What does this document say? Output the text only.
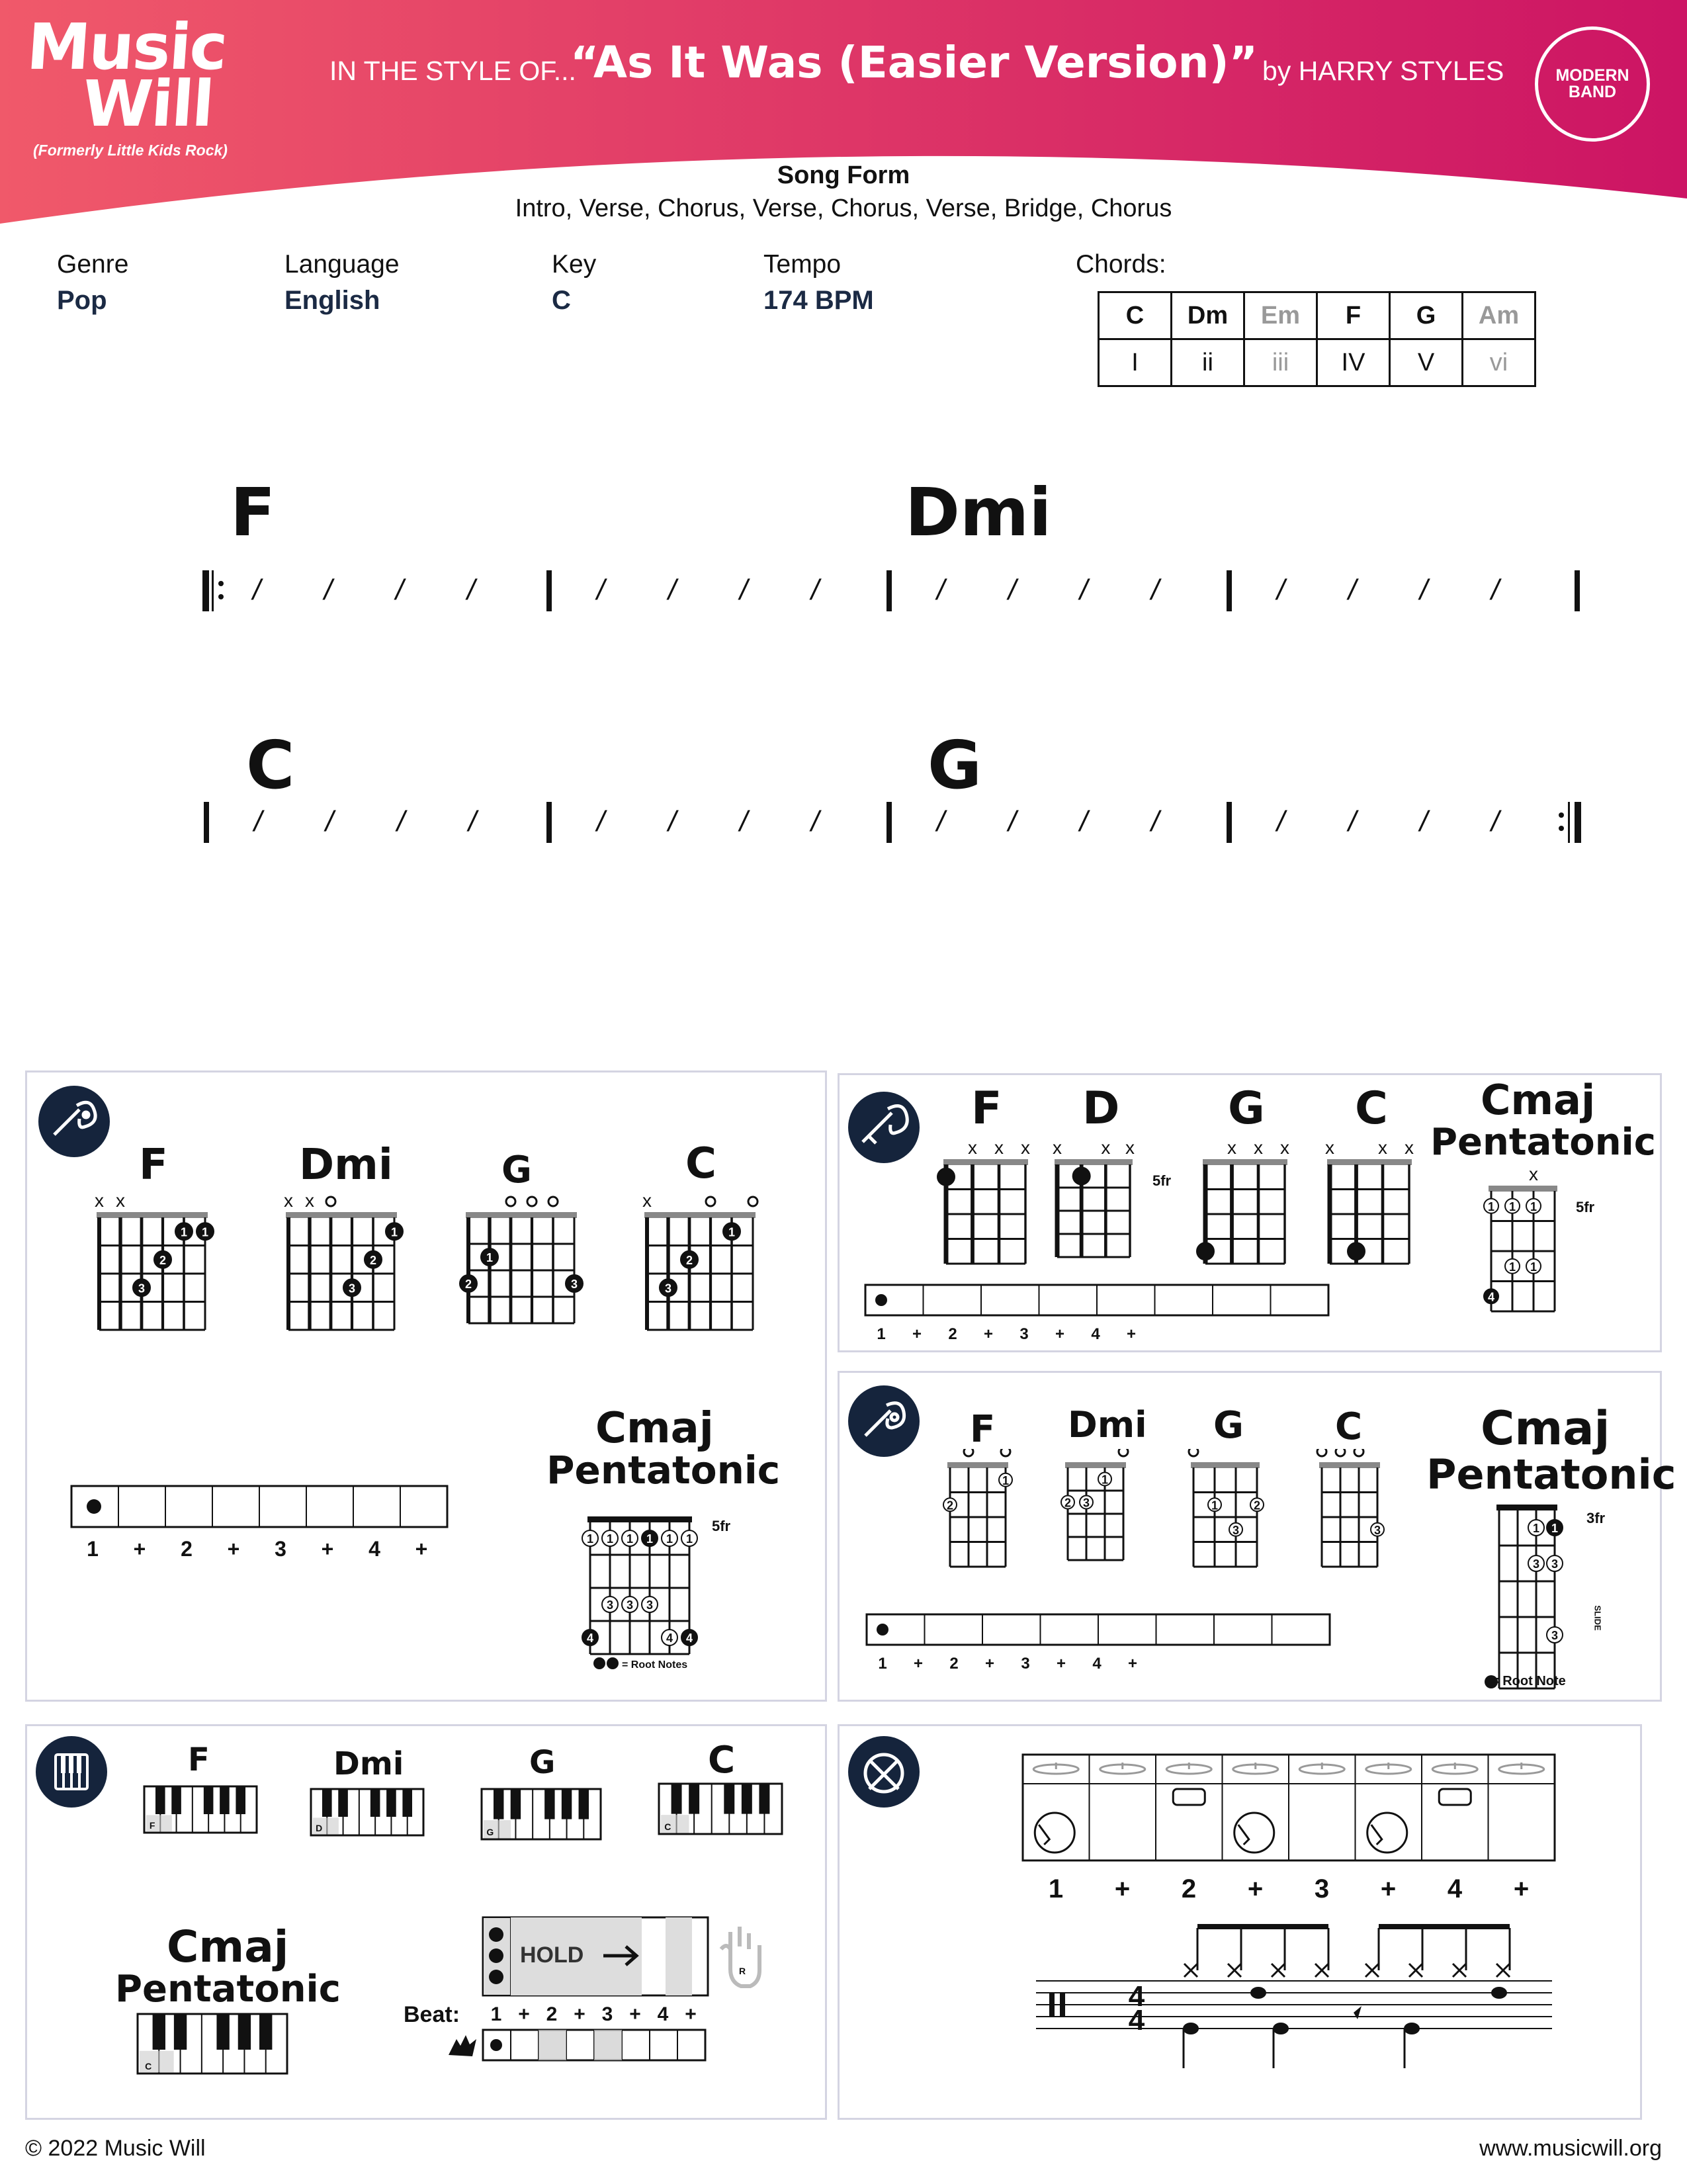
Music
Will
(Formerly Little Kids Rock)
IN THE STYLE OF...
“As It Was (Easier Version)” by HARRY STYLES	MODERN
BAND
Song Form
Intro, Verse, Chorus, Verse, Chorus, Verse, Bridge, Chorus
Genre
Pop
Language
English
Key
C
Tempo
174 BPM
Chords:
C	Dm	Em	F	G	Am
I	ii	iii	IV	V	vi
F	Dmi
C	G
/ / / /	/ / / /	/ / / /	/ / / /
/ / / /	/ / / /	/ / / /	/ / / /
F	Dmi	G	C
1 1
2
3
x x
1
2
3
x x
1
2	3
1
2
3
x
Cmaj
Pentatonic
1 1 1 1 1 1
3 3 3
4	4 4
5fr
= Root Notes
1 + 2 + 3 + 4 +
F D G C Cmaj
Pentatonic
x x x x x x	x x x x x x
1 1 1
1 1
4
x
1 + 2 + 3 + 4 +
5fr
5fr
F Dmi G C	Cmaj
Pentatonic
1
2
1
2 3	1	2
3	3	1 1
3 3
3
1 + 2 + 3 + 4 +
3fr
= Root Note
SLIDE
F	Dmi	G	C
Cmaj
Pentatonic
F	D	G	C
C
R
1 + 2 + 3 + 4 +
HOLD
Beat:
1 + 2 + 3 + 4 +
4
4
© 2022 Music Will	www.musicwill.org
